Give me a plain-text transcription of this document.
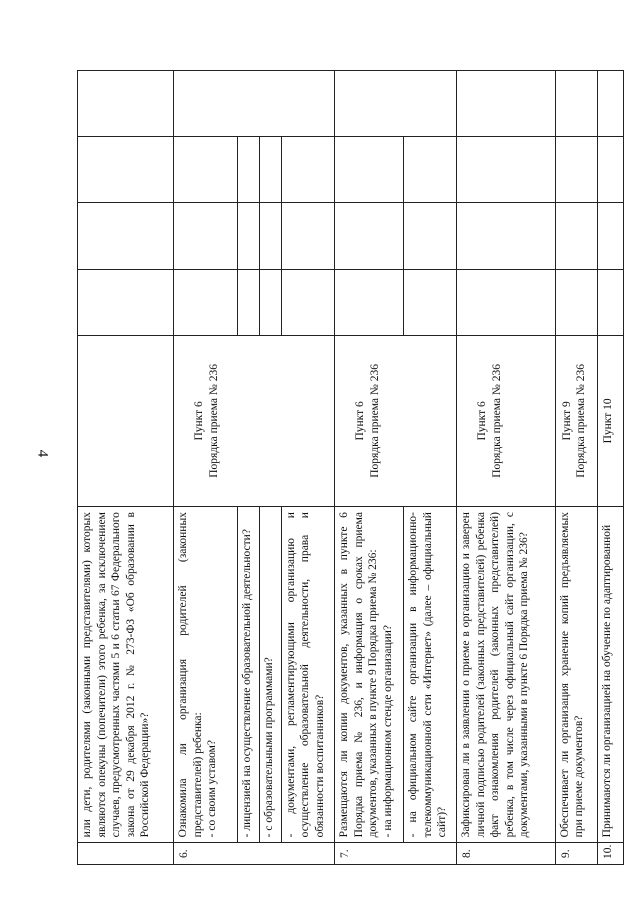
4
	или дети, родителями (законными представителями) которых являются опекуны (попечители) этого ребенка, за исключением случаев, предусмотренных частями 5 и 6 статьи 67 Федерального закона от 29 декабря 2012 г. № 273-ФЗ «Об образовании в Российской Федерации»?					
6.	Ознакомила ли организация родителей (законных представителей) ребенка: - со своим уставом?	Пункт 6 Порядка приема № 236				

	- лицензией на осуществление образовательной деятельности?					
	- с образовательными программами?					
	- документами, регламентирующими организацию и осуществление образовательной деятельности, права и обязанности воспитанников?					
7.	Размещаются ли копии документов, указанных в пункте 6 Порядка приема № 236, и информация о сроках приема документов, указанных в пункте 9 Порядка приема № 236: - на информационном стенде организации?	Пункт 6 Порядка приема № 236				

	- на официальном сайте организации в информационно-телекоммуникационной сети «Интернет» (далее – официальный сайт)?					
8.	Зафиксирован ли в заявлении о приеме в организацию и заверен личной подписью родителей (законных представителей) ребенка факт ознакомления родителей (законных представителей) ребенка, в том числе через официальный сайт организации, с документами, указанными в пункте 6 Порядка приема № 236?	Пункт 6 Порядка приема № 236				

9.	Обеспечивает ли организация хранение копий предъявляемых при приеме документов?	Пункт 9 Порядка приема № 236				

10.	Принимаются ли организацией на обучение по адаптированной	Пункт 10				
